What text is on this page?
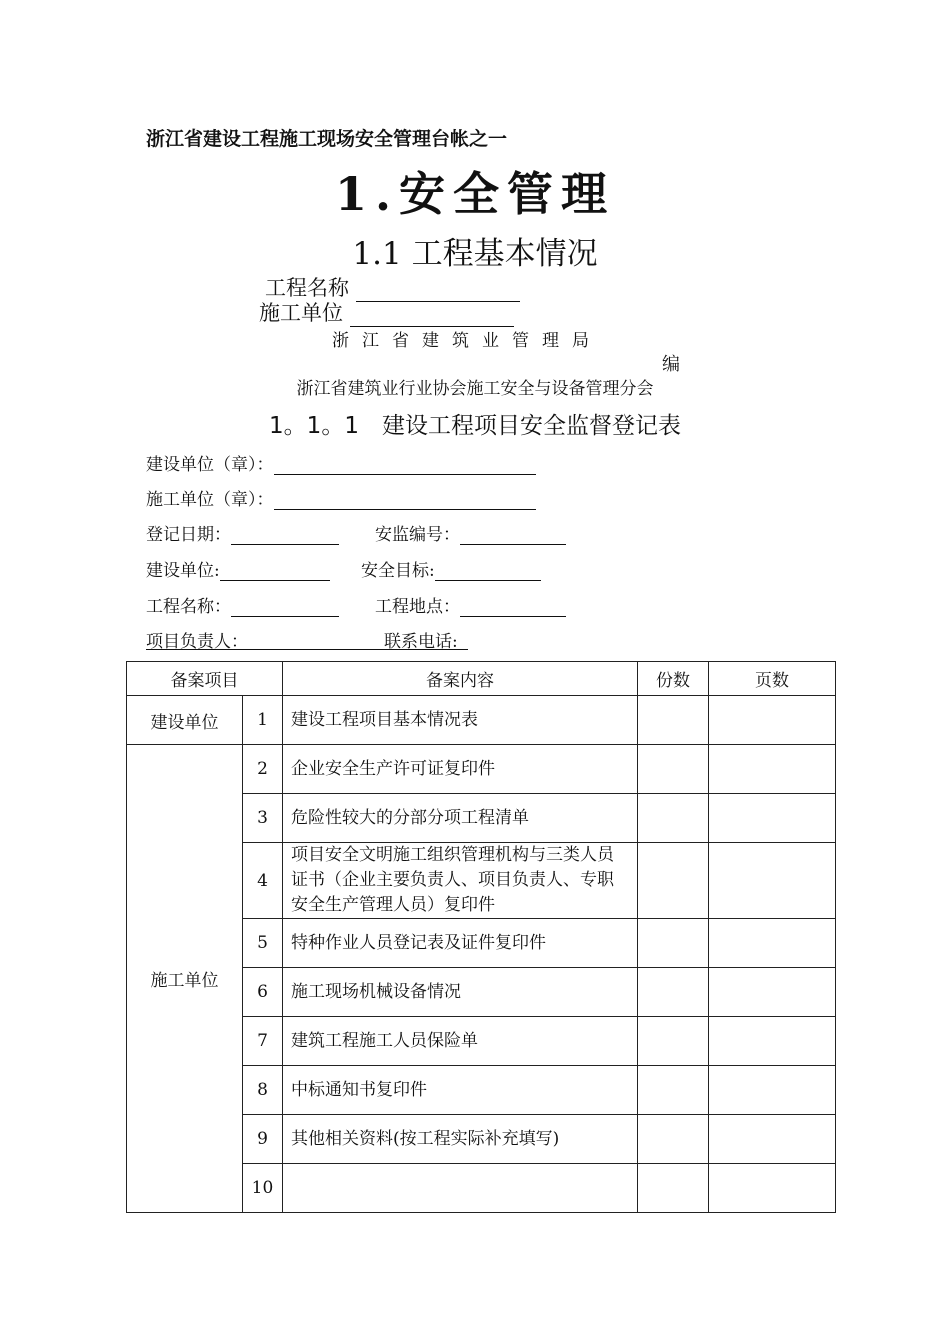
浙江省建设工程施工现场安全管理台帐之一
1.安全管理
1.1 工程基本情况
工程名称
施工单位
浙江省建筑业管理局
编
浙江省建筑业行业协会施工安全与设备管理分会
1。1。1　建设工程项目安全监督登记表
建设单位（章）：
施工单位（章）：
登记日期：	安监编号：
建设单位:	安全目标:
工程名称：	工程地点：
项目负责人：	联系电话:
备案项目		备案内容	份数	页数
建设单位	1	建设工程项目基本情况表		
施工单位	2	企业安全生产许可证复印件		
	3	危险性较大的分部分项工程清单		
	4	项目安全文明施工组织管理机构与三类人员证书（企业主要负责人、项目负责人、专职安全生产管理人员）复印件		
	5	特种作业人员登记表及证件复印件		
	6	施工现场机械设备情况		
	7	建筑工程施工人员保险单		
	8	中标通知书复印件		
	9	其他相关资料(按工程实际补充填写)		
	10			
